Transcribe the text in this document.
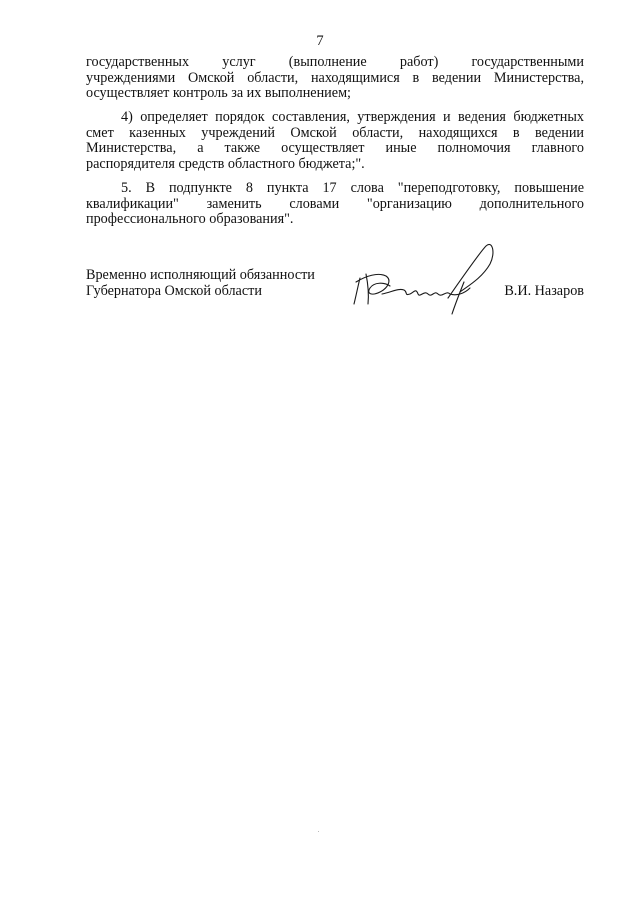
7
государственных услуг (выполнение работ) государственными
учреждениями Омской области, находящимися в ведении Министерства,
осуществляет контроль за их выполнением;
4) определяет порядок составления, утверждения и ведения бюджетных
смет казенных учреждений Омской области, находящихся в ведении
Министерства, а также осуществляет иные полномочия главного
распорядителя средств областного бюджета;".
5. В подпункте 8 пункта 17 слова "переподготовку, повышение
квалификации" заменить словами "организацию дополнительного
профессионального образования".
Временно исполняющий обязанности
Губернатора Омской области	В.И. Назаров
